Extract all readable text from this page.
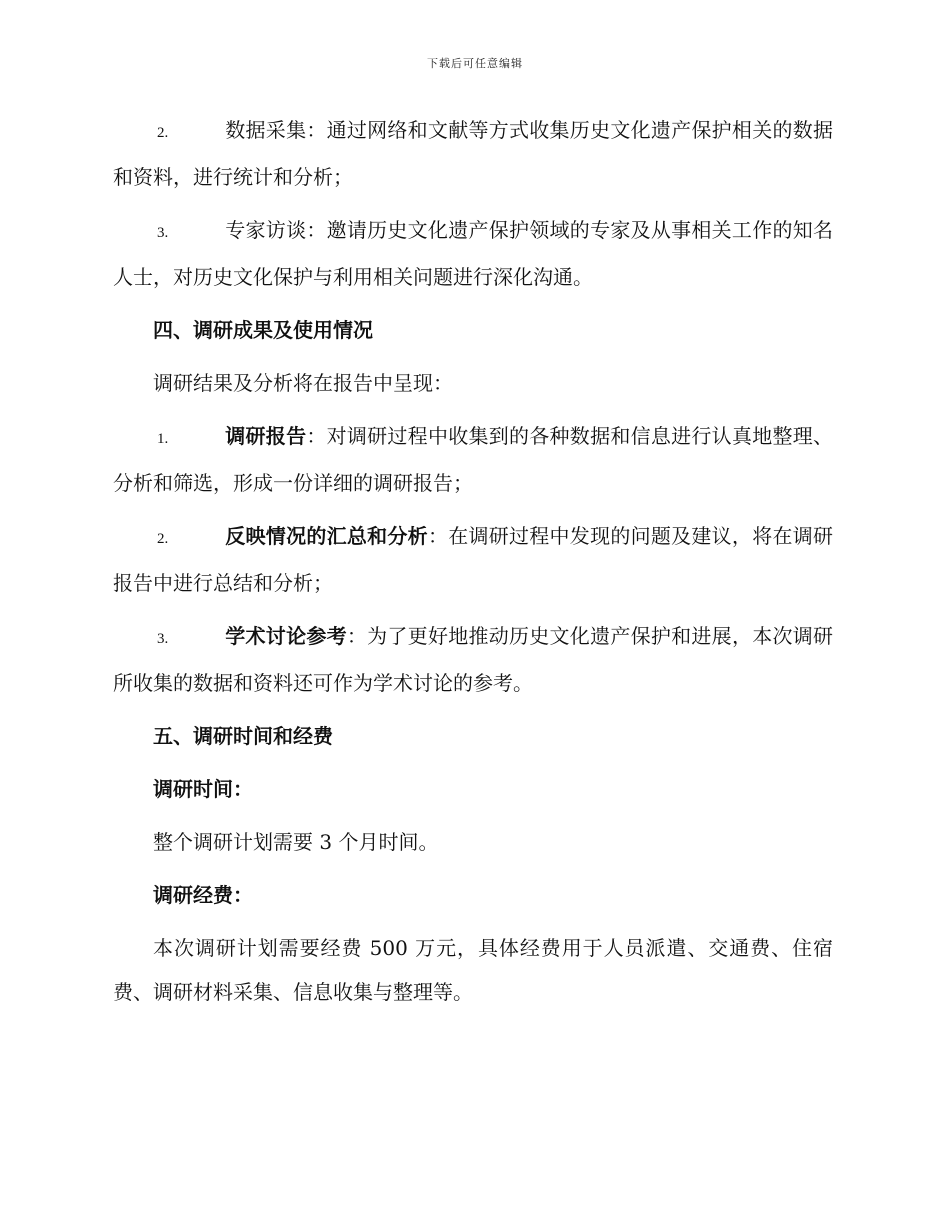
下载后可任意编辑

2.	数据采集：通过网络和文献等方式收集历史文化遗产保护相关的数据和资料，进行统计和分析；

3.	专家访谈：邀请历史文化遗产保护领域的专家及从事相关工作的知名人士，对历史文化保护与利用相关问题进行深化沟通。

四、调研成果及使用情况

调研结果及分析将在报告中呈现：

1.	调研报告：对调研过程中收集到的各种数据和信息进行认真地整理、分析和筛选，形成一份详细的调研报告；

2.	反映情况的汇总和分析：在调研过程中发现的问题及建议，将在调研报告中进行总结和分析；

3.	学术讨论参考：为了更好地推动历史文化遗产保护和进展，本次调研所收集的数据和资料还可作为学术讨论的参考。

五、调研时间和经费

调研时间：

整个调研计划需要 3 个月时间。

调研经费：

本次调研计划需要经费 500 万元，具体经费用于人员派遣、交通费、住宿费、调研材料采集、信息收集与整理等。
